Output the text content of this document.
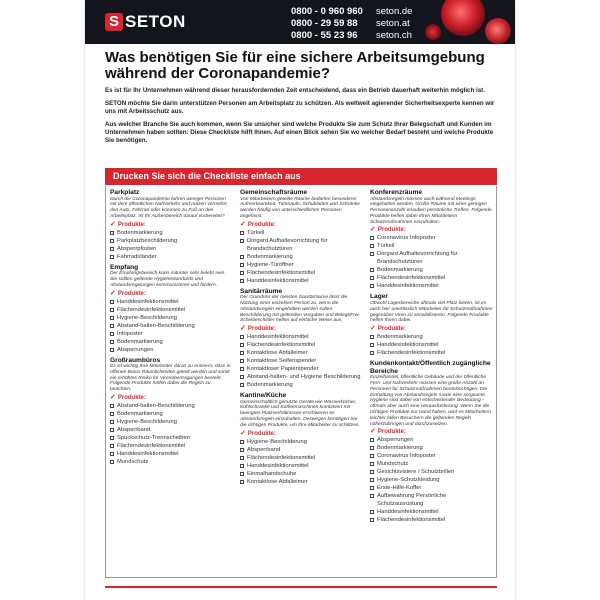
S SETON
0800 - 0 960 960	seton.de
0800 - 29 59 88	seton.at
0800 - 55 23 96	seton.ch
Was benötigen Sie für eine sichere Arbeitsumgebung während der Coronapandemie?

Es ist für Ihr Unternehmen während dieser herausfordernden Zeit entscheidend, dass ein Betrieb dauerhaft weiterhin möglich ist.

SETON möchte Sie darin unterstützen Personen am Arbeitsplatz zu schützen. Als weltweit agierender Sicherheitsexperte kennen wir uns mit Arbeitsschutz aus.

Aus welcher Branche Sie auch kommen, wenn Sie unsicher sind welche Produkte Sie zum Schutz Ihrer Belegschaft und Kunden im Unternehmen haben sollten: Diese Checkliste hilft Ihnen. Auf einen Blick sehen Sie wo welcher Bedarf besteht und welche Produkte Sie benötigen.

Drucken Sie sich die Checkliste einfach aus
Parkplatz
Durch die Coronapandemie fahren weniger Personen mit dem öffentlichen Nahverkehr und nutzen vermehrt den Auto, Fahrrad oder kommen zu Fuß an den Arbeitsplatz. Ist Ihr Außenbereich darauf vorbereitet?
✓ Produkte:
Bodenmarkierung
Parkplatzbeschilderung
Absperrpfosten
Fahrradständer
Empfang
Der Empfangsbereich kann mitunter sehr belebt sein. Sie sollten geltende Hygienestandards und Abstandsregelungen kommunizieren und fördern.
✓ Produkte:
Handdesinfektionsmittel
Flächendesinfektionsmittel
Hygiene-Beschilderung
Abstand-halten-Beschilderung
Infoposter
Bodenmarkierung
Absperrungen
Großraumbüros
Es ist wichtig Ihre Mitarbeiter daran zu erinnern, dass in offenen Büros Räumlichkeiten geteilt werden und somit ein erhöhtes Risiko für Virenübertragungen besteht. Folgende Produkte helfen dabei die Regeln zu beachten.
✓ Produkte:
Abstand-halten-Beschilderung
Bodenmarkierung
Hygiene-Beschilderung
Absperrband
Spuckschutz-Trennscheiben
Flächendesinfektionsmittel
Handdesinfektionsmittel
Mundschutz
Gemeinschaftsräume
Von Mitarbeitern geteilte Räume bedürfen besonderer Aufmerksamkeit. Türknäufe, Schubladen und Schränke werden häufig von unterschiedlichen Personen angefasst.
✓ Produkte:
Türkeil
Dorgard Aufhaltevorrichtung für Brandschutztüren
Bodenmarkierung
Hygiene-Türöffner
Flächendesinfektionsmittel
Handdesinfektionsmittel
Sanitärräume
Der Grundriss der meisten Sanitärräume lässt die Nutzung einer einzelnen Person zu, wenn die Abstandsregeln eingehalten werden sollen. Beschilderung mit geltenden Vorgaben und Belegt/Frei-Schiebeschilder helfen auf einfache Weise aus.
✓ Produkte:
Handdesinfektionsmittel
Flächendesinfektionsmittel
Kontaktlose Abfalleimer
Kontaktlose Seifenspender
Kontaktloser Papierspender
Abstand-halten- und Hygiene Beschilderung
Bodenmarkierung
Kantine/Küche
Gemeinschaftlich genutzte Geräte wie Wasserkocher, Kühlschränke und Kaffeemaschinen kombiniert mit beengten Platzverhältnissen erschweren es Abstandsregeln einzuhalten. Deswegen benötigen Sie die richtigen Produkte, um Ihre Mitarbeiter zu schützen.
✓ Produkte:
Hygiene-Beschilderung
Absperrband
Flächendesinfektionsmittel
Handdesinfektionsmittel
Einmalhandschuhe
Kontaktlose Abfalleimer
Konferenzräume
Abstandsregeln müssen auch während Meetings eingehalten werden. Große Räume mit einer geringen Personenanzahl erlauben persönliche Treffen. Folgende Produkte helfen dabei Ihren Mitarbeitern Schutzmaßnahmen einzuhalten.
✓ Produkte:
Coronavirus Infoposter
Türkeil
Dorgard Aufhaltevorrichtung für Brandschutztüren
Bodenmarkierung
Flächendesinfektionsmittel
Handdesinfektionsmittel
Lager
Obwohl Lagerbereiche oftmals viel Platz bieten, ist es auch hier unerlässlich Mitarbeiter für Schutzmaßnahmen gegenüber Viren zu sensibilisieren. Folgende Produkte helfen Ihnen dabei.
✓ Produkte:
Bodenmarkierung
Handdesinfektionsmittel
Flächendesinfektionsmittel
Kundenkontakt/Öffentlich zugängliche Bereiche
Einzelhandel, öffentliche Gebäude und der öffentliche Fern- und Nahverkehr müssen eine große Anzahl an Personen für Schutzmaßnahmen berücksichtigen. Die Einhaltung von Abstandsregeln sowie eine sorgsame Hygiene sind dabei von entscheidender Bedeutung – oftmals aber auch eine Herausforderung. Wenn Sie die richtigen Produkte zur Hand haben, wird es Mitarbeitern leichter fallen Besuchern die geltenden Regeln näherzubringen und durchzusetzen.
✓ Produkte:
Absperrungen
Bodenmarkierung
Coronavirus Infoposter
Mundschutz
Gesichtsvisiere / Schutzbrillen
Hygiene-Schutzkleidung
Erste-Hilfe-Koffer
Aufbewahrung Persönliche Schutzausrüstung
Handdesinfektionsmittel
Flächendesinfektionsmittel
